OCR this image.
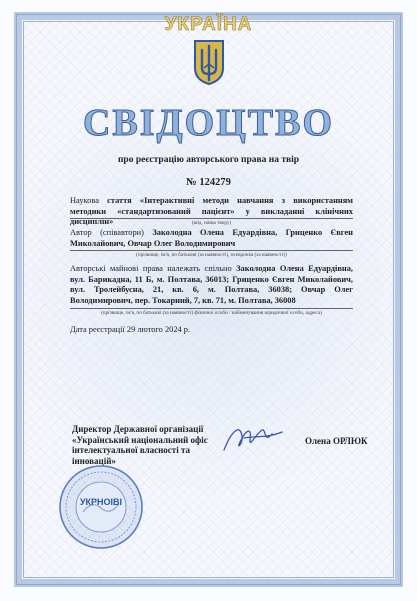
УКРАЇНА
СВІДОЦТВО
про реєстрацію авторського права на твір
№ 124279
Наукова стаття «Інтерактивні методи навчання з використанням методики «стандартизований пацієнт» у викладанні клінічних дисциплін»	(вид, назва твору)
Автор (співавтори) Заколодна Олена Едуардівна, Гриценко Євген Миколайович, Овчар Олег Володимирович
(прізвище, ім'я, по батькові (за наявності), псевдонім (за наявності))
Авторські майнові права належать спільно Заколодна Олена Едуардівна, вул. Барикадна, 11 Б, м. Полтава, 36013; Гриценко Євген Миколайович, вул. Тролейбусна, 21, кв. 6, м. Полтава, 36038; Овчар Олег Володимирович, пер. Токарний, 7, кв. 71, м. Полтава, 36008
(прізвище, ім'я, по батькові (за наявності) фізичної особи / найменування юридичної особи, адреса)
Дата реєстрації 29 лютого 2024 р.
Директор Державної організації «Український національний офіс інтелектуальної власності та інновацій»
Олена ОРЛЮК
УКРНОІВІ
